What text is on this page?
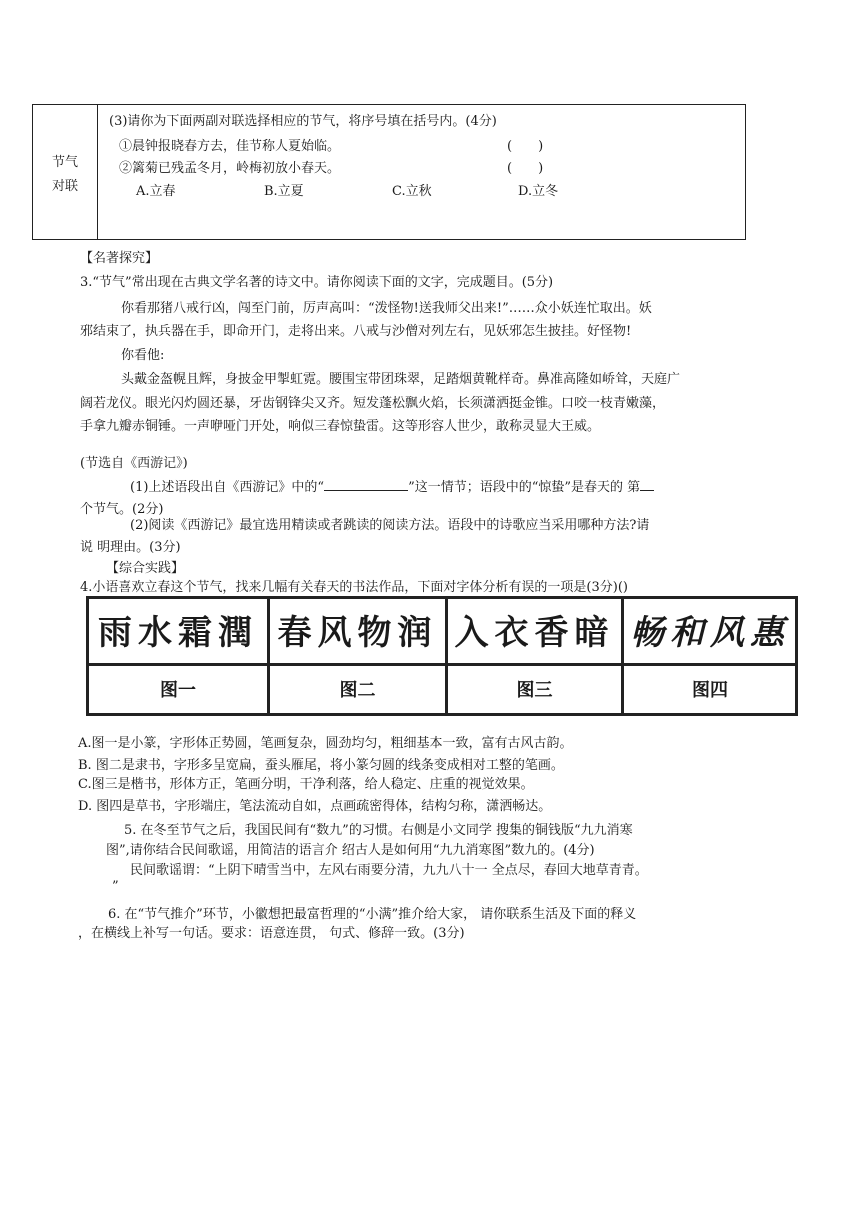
节气
对联
(3)请你为下面两副对联选择相应的节气，将序号填在括号内。(4分)
①晨钟报晓春方去，佳节称人夏始临。	(　　)
②篱菊已残孟冬月，岭梅初放小春天。	(　　)
A.立春	B.立夏	C.立秋	D.立冬
【名著探究】
3.“节气”常出现在古典文学名著的诗文中。请你阅读下面的文字，完成题目。(5分)
你看那猪八戒行凶，闯至门前，厉声高叫：“泼怪物!送我师父出来!”……众小妖连忙取出。妖
邪结束了，执兵器在手，即命开门，走将出来。八戒与沙僧对列左右，见妖邪怎生披挂。好怪物!
你看他:
头戴金盔幌且辉，身披金甲掣虹霓。腰围宝带团珠翠，足踏烟黄靴样奇。鼻准高隆如峤耸，天庭广
阔若龙仪。眼光闪灼圆还暴，牙齿钢锋尖又齐。短发蓬松飘火焰，长须潇洒挺金锥。口咬一枝青嫩藻，
手拿九瓣赤铜锤。一声咿哑门开处，响似三春惊蛰雷。这等形容人世少，敢称灵显大王威。
(节选自《西游记》)
(1)上述语段出自《西游记》中的“	”这一情节；语段中的“惊蛰”是春天的 第
个节气。(2分)
(2)阅读《西游记》最宜选用精读或者跳读的阅读方法。语段中的诗歌应当采用哪种方法?请
说 明理由。(3分)
【综合实践】
4.小语喜欢立春这个节气，找来几幅有关春天的书法作品，下面对字体分析有误的一项是(3分)()
雨水霜潤 春风物润 入衣香暗 畅和风惠
图一	图二	图三	图四
A.图一是小篆，字形体正势圆，笔画复杂，圆劲均匀，粗细基本一致，富有古风古韵。
B. 图二是隶书，字形多呈宽扁，蚕头雁尾，将小篆匀圆的线条变成相对工整的笔画。
C.图三是楷书，形体方正，笔画分明，干净利落，给人稳定、庄重的视觉效果。
D. 图四是草书，字形端庄，笔法流动自如，点画疏密得体，结构匀称，潇洒畅达。
5. 在冬至节气之后，我国民间有“数九”的习惯。右侧是小文同学 搜集的铜钱版“九九消寒
图”,请你结合民间歌谣，用简洁的语言介 绍古人是如何用“九九消寒图”数九的。(4分)
民间歌谣谓：“上阴下晴雪当中，左风右雨要分清，九九八十一 全点尽，春回大地草青青。
”
6. 在“节气推介”环节，小徽想把最富哲理的“小满”推介给大家， 请你联系生活及下面的释义
，在横线上补写一句话。要求：语意连贯， 句式、修辞一致。(3分)
